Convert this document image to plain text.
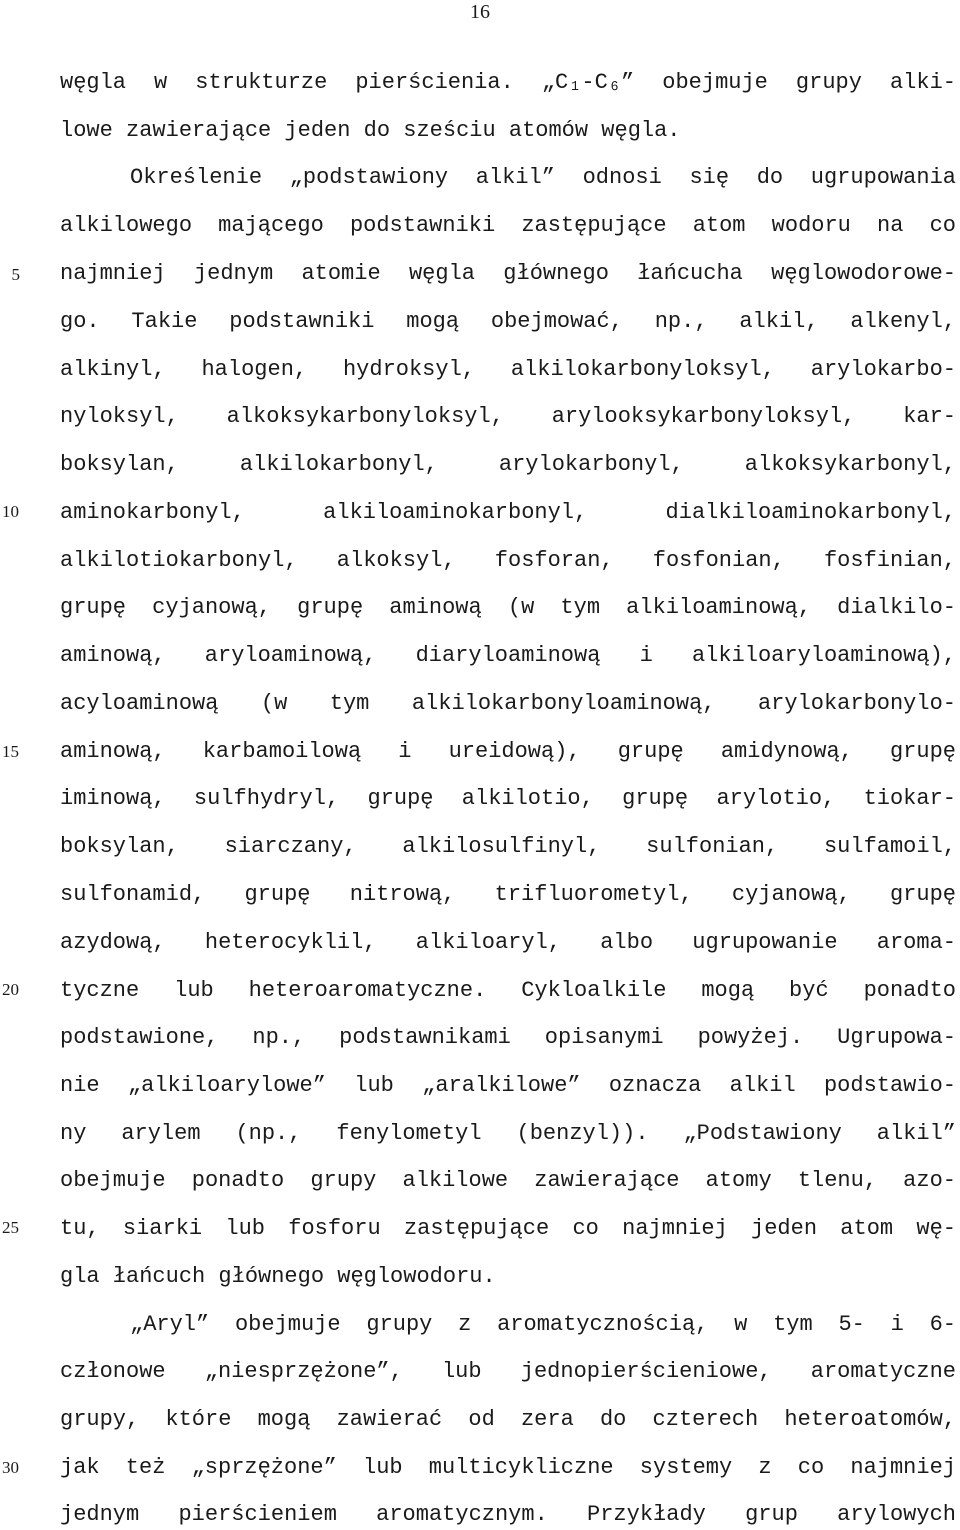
16
5
10
15
20
25
30
węgla w strukturze pierścienia. „C₁-C₆” obejmuje grupy alki-
lowe zawierające jeden do sześciu atomów węgla.
Określenie „podstawiony alkil” odnosi się do ugrupowania
alkilowego mającego podstawniki zastępujące atom wodoru na co
najmniej jednym atomie węgla głównego łańcucha węglowodorowe-
go. Takie podstawniki mogą obejmować, np., alkil, alkenyl,
alkinyl, halogen, hydroksyl, alkilokarbonyloksyl, arylokarbo-
nyloksyl, alkoksykarbonyloksyl, arylooksykarbonyloksyl, kar-
boksylan, alkilokarbonyl, arylokarbonyl, alkoksykarbonyl,
aminokarbonyl, alkiloaminokarbonyl, dialkiloaminokarbonyl,
alkilotiokarbonyl, alkoksyl, fosforan, fosfonian, fosfinian,
grupę cyjanową, grupę aminową (w tym alkiloaminową, dialkilo-
aminową, aryloaminową, diaryloaminową i alkiloaryloaminową),
acyloaminową (w tym alkilokarbonyloaminową, arylokarbonylo-
aminową, karbamoilową i ureidową), grupę amidynową, grupę
iminową, sulfhydryl, grupę alkilotio, grupę arylotio, tiokar-
boksylan, siarczany, alkilosulfinyl, sulfonian, sulfamoil,
sulfonamid, grupę nitrową, trifluorometyl, cyjanową, grupę
azydową, heterocyklil, alkiloaryl, albo ugrupowanie aroma-
tyczne lub heteroaromatyczne. Cykloalkile mogą być ponadto
podstawione, np., podstawnikami opisanymi powyżej. Ugrupowa-
nie „alkiloarylowe” lub „aralkilowe” oznacza alkil podstawio-
ny arylem (np., fenylometyl (benzyl)). „Podstawiony alkil”
obejmuje ponadto grupy alkilowe zawierające atomy tlenu, azo-
tu, siarki lub fosforu zastępujące co najmniej jeden atom wę-
gla łańcuch głównego węglowodoru.
„Aryl” obejmuje grupy z aromatycznością, w tym 5- i 6-
członowe „niesprzężone”, lub jednopierścieniowe, aromatyczne
grupy, które mogą zawierać od zera do czterech heteroatomów,
jak też „sprzężone” lub multicykliczne systemy z co najmniej
jednym pierścieniem aromatycznym. Przykłady grup arylowych
